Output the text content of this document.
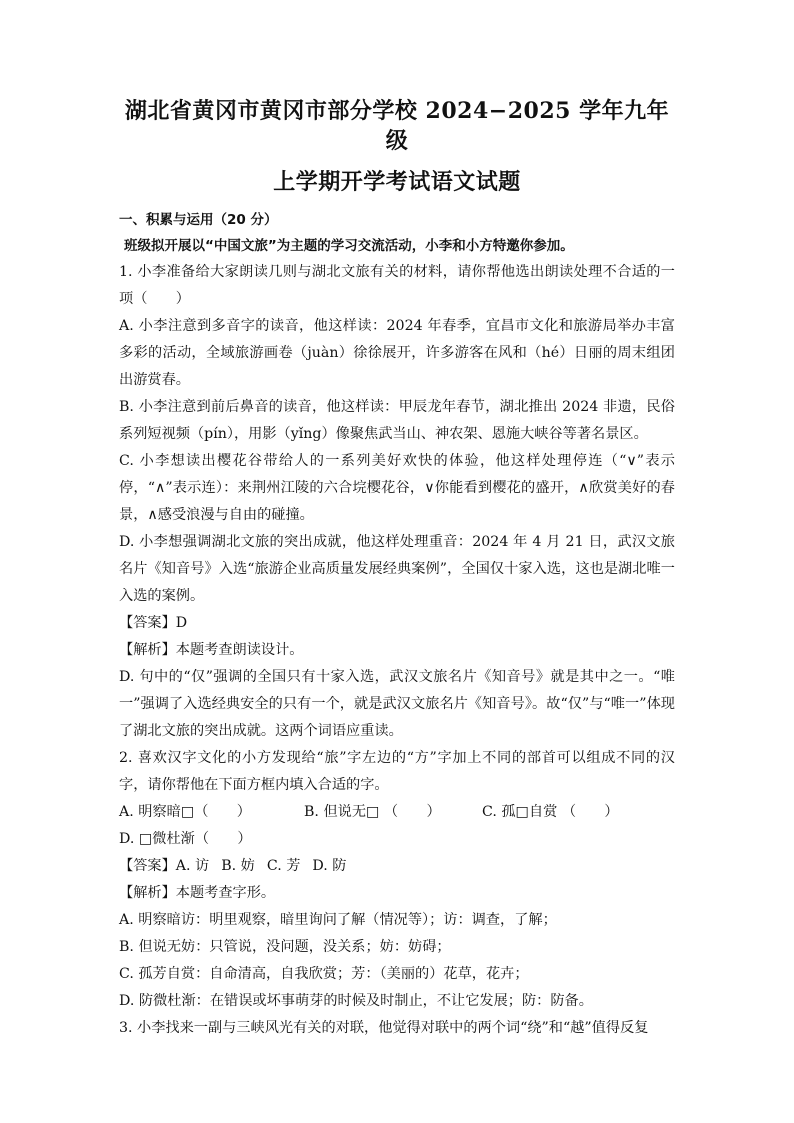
湖北省黄冈市黄冈市部分学校 2024−2025 学年九年级
上学期开学考试语文试题
一、积累与运用（20 分）
班级拟开展以“中国文旅”为主题的学习交流活动，小李和小方特邀你参加。

1. 小李准备给大家朗读几则与湖北文旅有关的材料，请你帮他选出朗读处理不合适的一项（　　）

A. 小李注意到多音字的读音，他这样读：2024 年春季，宜昌市文化和旅游局举办丰富多彩的活动，全域旅游画卷（juàn）徐徐展开，许多游客在风和（hé）日丽的周末组团出游赏春。

B. 小李注意到前后鼻音的读音，他这样读：甲辰龙年春节，湖北推出 2024 非遗，民俗系列短视频（pín），用影（yǐng）像聚焦武当山、神农架、恩施大峡谷等著名景区。

C. 小李想读出樱花谷带给人的一系列美好欢快的体验，他这样处理停连（“∨”表示停，“∧”表示连）：来荆州江陵的六合垸樱花谷，∨你能看到樱花的盛开，∧欣赏美好的春景，∧感受浪漫与自由的碰撞。

D. 小李想强调湖北文旅的突出成就，他这样处理重音：2024 年 4 月 21 日，武汉文旅名片《知音号》入选“旅游企业高质量发展经典案例”，全国仅十家入选，这也是湖北唯一入选的案例。

【答案】D

【解析】本题考查朗读设计。

D. 句中的“仅”强调的全国只有十家入选，武汉文旅名片《知音号》就是其中之一。“唯一”强调了入选经典安全的只有一个，就是武汉文旅名片《知音号》。故“仅”与“唯一”体现了湖北文旅的突出成就。这两个词语应重读。

2. 喜欢汉字文化的小方发现给“旅”字左边的“方”字加上不同的部首可以组成不同的汉字，请你帮他在下面方框内填入合适的字。

A. 明察暗□（　　）	B. 但说无□ （　　）	C. 孤□自赏 （　　）

D. □微杜渐（　　）

【答案】A. 访 B. 妨 C. 芳 D. 防

【解析】本题考查字形。

A. 明察暗访：明里观察，暗里询问了解（情况等）；访：调查，了解；

B. 但说无妨：只管说，没问题，没关系；妨：妨碍；

C. 孤芳自赏：自命清高，自我欣赏；芳：（美丽的）花草，花卉；

D. 防微杜渐：在错误或坏事萌芽的时候及时制止，不让它发展；防：防备。

3. 小李找来一副与三峡风光有关的对联，他觉得对联中的两个词“绕”和“越”值得反复
